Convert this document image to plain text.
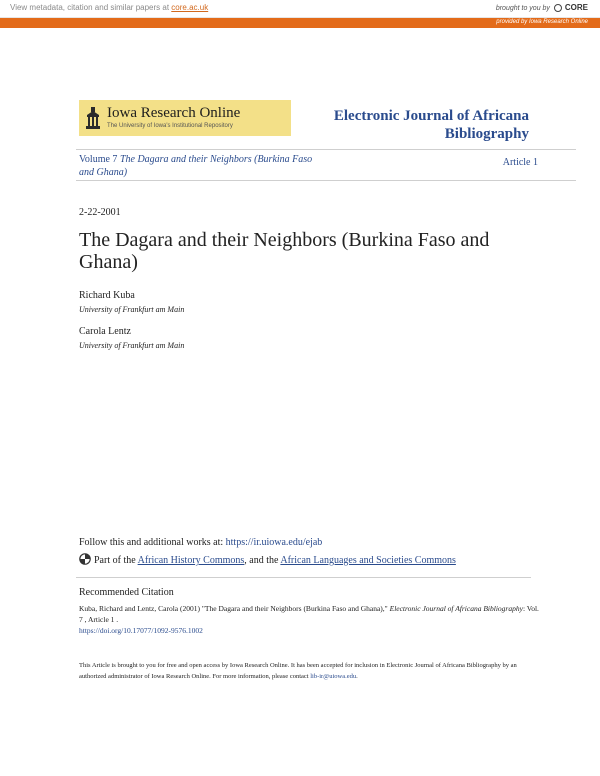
View metadata, citation and similar papers at core.ac.uk	brought to you by CORE
provided by Iowa Research Online
Iowa Research Online
The University of Iowa's Institutional Repository
Electronic Journal of Africana Bibliography
Volume 7 The Dagara and their Neighbors (Burkina Faso and Ghana)
Article 1
2-22-2001
The Dagara and their Neighbors (Burkina Faso and Ghana)
Richard Kuba
University of Frankfurt am Main
Carola Lentz
University of Frankfurt am Main
Follow this and additional works at: https://ir.uiowa.edu/ejab
Part of the African History Commons, and the African Languages and Societies Commons
Recommended Citation
Kuba, Richard and Lentz, Carola (2001) "The Dagara and their Neighbors (Burkina Faso and Ghana)," Electronic Journal of Africana Bibliography: Vol. 7 , Article 1 .
https://doi.org/10.17077/1092-9576.1002
This Article is brought to you for free and open access by Iowa Research Online. It has been accepted for inclusion in Electronic Journal of Africana Bibliography by an authorized administrator of Iowa Research Online. For more information, please contact lib-ir@uiowa.edu.
